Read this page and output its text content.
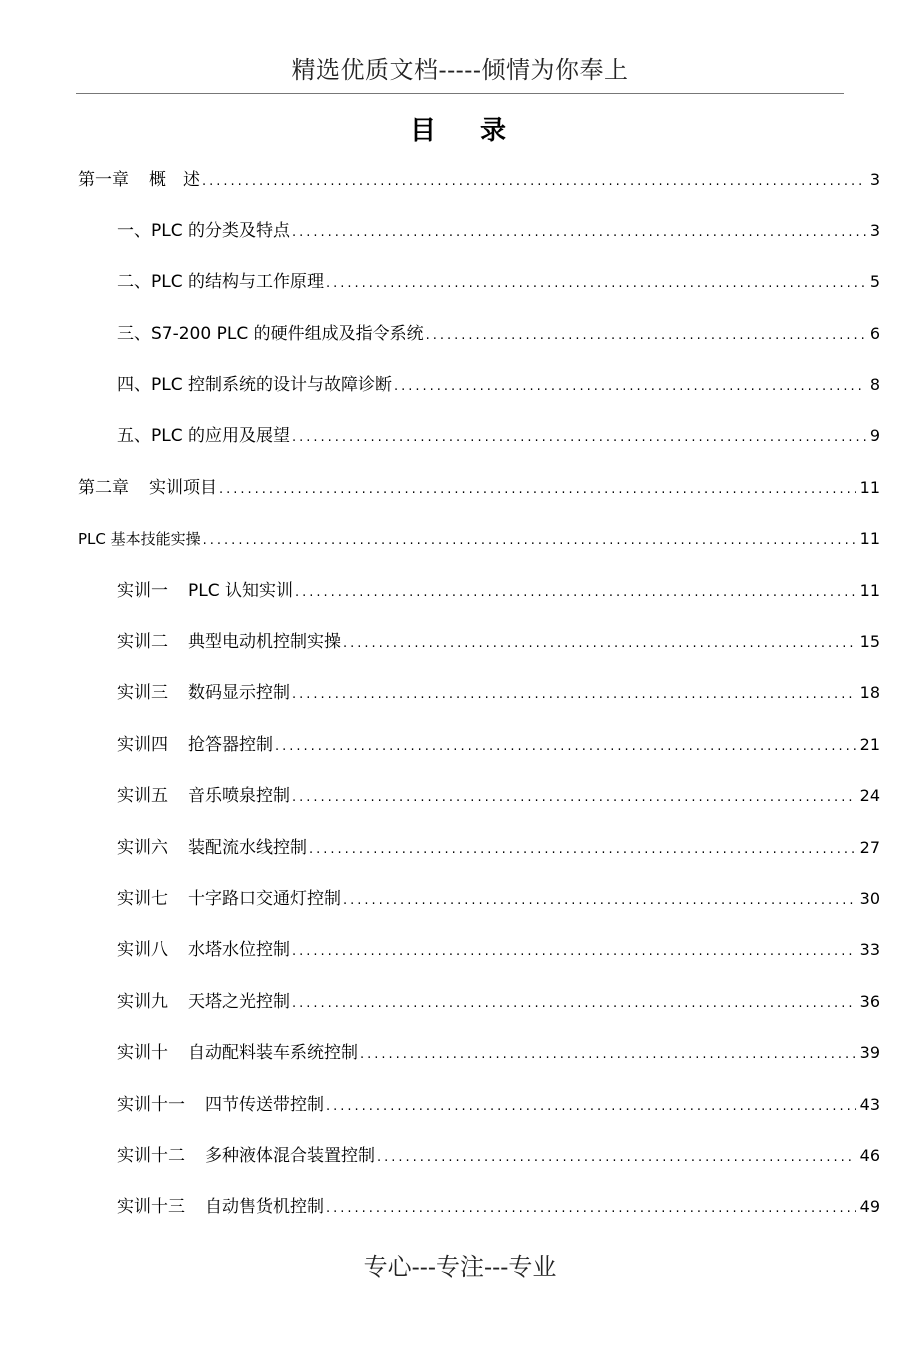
精选优质文档-----倾情为你奉上
目 录
第一章 概　述 .....	3
一、 PLC 的分类及特点 .....	3
二、 PLC 的结构与工作原理 .....	5
三、 S7-200 PLC 的硬件组成及指令系统 .....	6
四、 PLC 控制系统的设计与故障诊断 .....	8
五、 PLC 的应用及展望 .....	9
第二章 实训项目 .....	11
PLC 基本技能实操 .....	11
实训一 PLC 认知实训 .....	11
实训二 典型电动机控制实操 .....	15
实训三 数码显示控制 .....	18
实训四 抢答器控制 .....	21
实训五 音乐喷泉控制 .....	24
实训六 装配流水线控制 .....	27
实训七 十字路口交通灯控制 .....	30
实训八 水塔水位控制 .....	33
实训九 天塔之光控制 .....	36
实训十 自动配料装车系统控制 .....	39
实训十一 四节传送带控制 .....	43
实训十二 多种液体混合装置控制 .....	46
实训十三 自动售货机控制 .....	49
专心---专注---专业
